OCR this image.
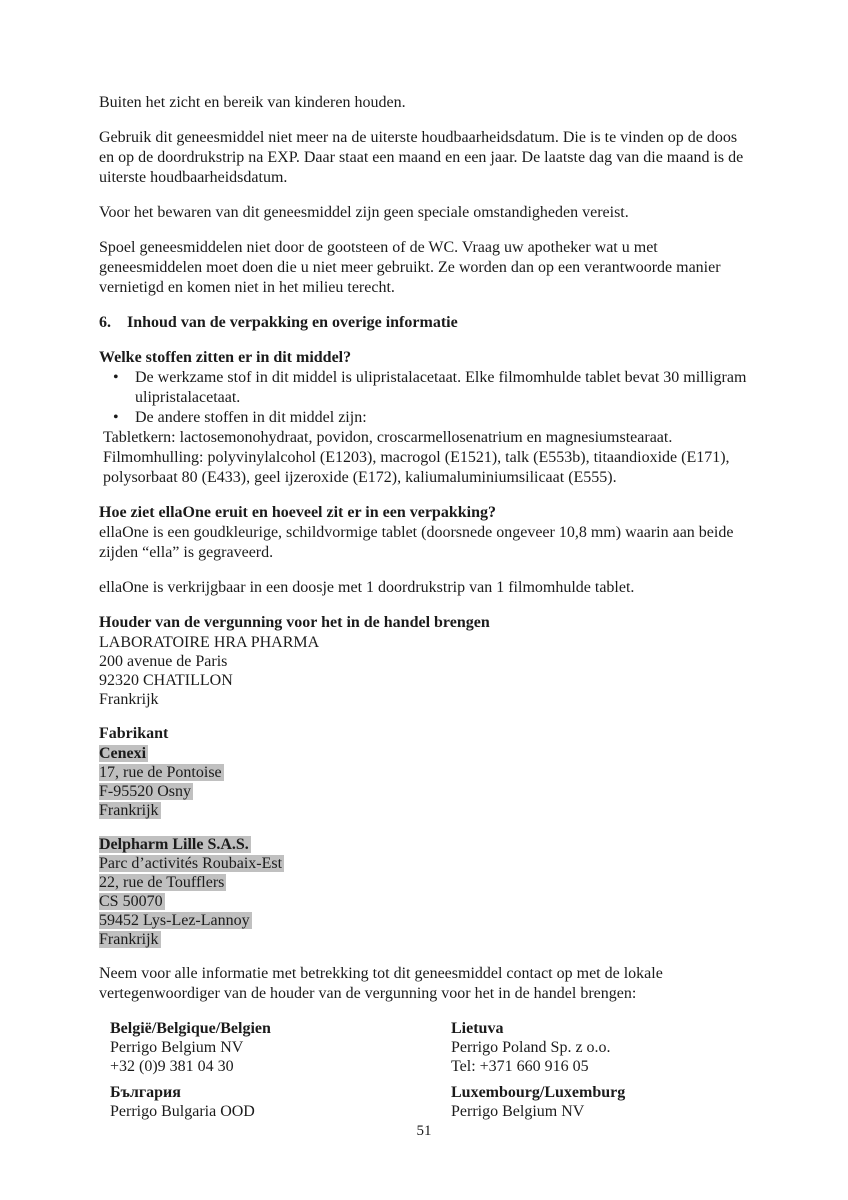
Buiten het zicht en bereik van kinderen houden.

Gebruik dit geneesmiddel niet meer na de uiterste houdbaarheidsdatum. Die is te vinden op de doos en op de doordrukstrip na EXP. Daar staat een maand en een jaar. De laatste dag van die maand is de uiterste houdbaarheidsdatum.

Voor het bewaren van dit geneesmiddel zijn geen speciale omstandigheden vereist.

Spoel geneesmiddelen niet door de gootsteen of de WC. Vraag uw apotheker wat u met geneesmiddelen moet doen die u niet meer gebruikt. Ze worden dan op een verantwoorde manier vernietigd en komen niet in het milieu terecht.

6. Inhoud van de verpakking en overige informatie

Welke stoffen zitten er in dit middel?

• De werkzame stof in dit middel is ulipristalacetaat. Elke filmomhulde tablet bevat 30 milligram ulipristalacetaat.
• De andere stoffen in dit middel zijn:

Tabletkern: lactosemonohydraat, povidon, croscarmellosenatrium en magnesiumstearaat.

Filmomhulling: polyvinylalcohol (E1203), macrogol (E1521), talk (E553b), titaandioxide (E171), polysorbaat 80 (E433), geel ijzeroxide (E172), kaliumaluminiumsilicaat (E555).

Hoe ziet ellaOne eruit en hoeveel zit er in een verpakking?

ellaOne is een goudkleurige, schildvormige tablet (doorsnede ongeveer 10,8 mm) waarin aan beide zijden “ella” is gegraveerd.

ellaOne is verkrijgbaar in een doosje met 1 doordrukstrip van 1 filmomhulde tablet.

Houder van de vergunning voor het in de handel brengen

LABORATOIRE HRA PHARMA

200 avenue de Paris

92320 CHATILLON

Frankrijk

Fabrikant

Cenexi

17, rue de Pontoise

F-95520 Osny

Frankrijk

Delpharm Lille S.A.S.

Parc d’activités Roubaix-Est

22, rue de Toufflers

CS 50070

59452 Lys-Lez-Lannoy

Frankrijk

Neem voor alle informatie met betrekking tot dit geneesmiddel contact op met de lokale vertegenwoordiger van de houder van de vergunning voor het in de handel brengen:

België/Belgique/Belgien

Perrigo Belgium NV

+32 (0)9 381 04 30

България

Perrigo Bulgaria OOD

Lietuva

Perrigo Poland Sp. z o.o.

Tel: +371 660 916 05

Luxembourg/Luxemburg

Perrigo Belgium NV

51
